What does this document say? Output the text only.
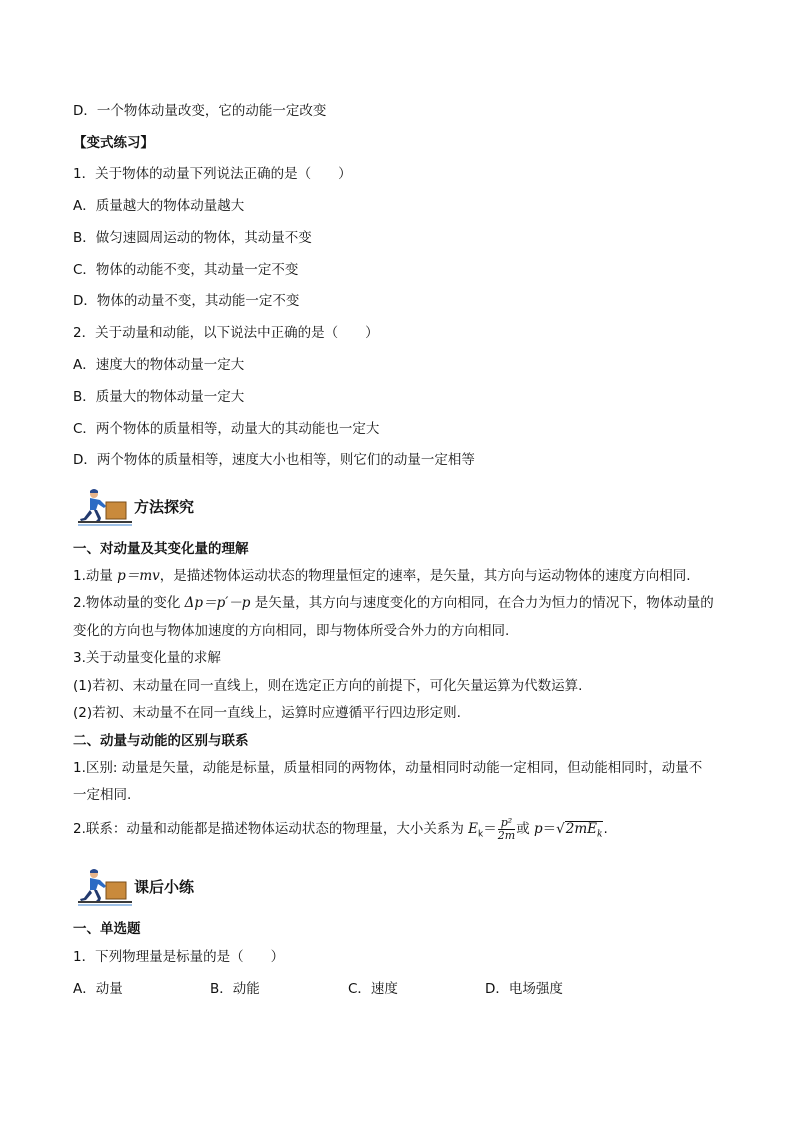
D．一个物体动量改变，它的动能一定改变
【变式练习】
1．关于物体的动量下列说法正确的是（　　）
A．质量越大的物体动量越大
B．做匀速圆周运动的物体，其动量不变
C．物体的动能不变，其动量一定不变
D．物体的动量不变，其动能一定不变
2．关于动量和动能，以下说法中正确的是（　　）
A．速度大的物体动量一定大
B．质量大的物体动量一定大
C．两个物体的质量相等，动量大的其动能也一定大
D．两个物体的质量相等，速度大小也相等，则它们的动量一定相等
方法探究
一、对动量及其变化量的理解
1.动量 p＝mv，是描述物体运动状态的物理量恒定的速率，是矢量，其方向与运动物体的速度方向相同.
2.物体动量的变化 Δp＝p′－p 是矢量，其方向与速度变化的方向相同，在合力为恒力的情况下，物体动量的
变化的方向也与物体加速度的方向相同，即与物体所受合外力的方向相同.
3.关于动量变化量的求解
(1)若初、末动量在同一直线上，则在选定正方向的前提下，可化矢量运算为代数运算.
(2)若初、末动量不在同一直线上，运算时应遵循平行四边形定则.
二、动量与动能的区别与联系
1.区别: 动量是矢量，动能是标量，质量相同的两物体，动量相同时动能一定相同，但动能相同时，动量不
一定相同.
2.联系：动量和动能都是描述物体运动状态的物理量，大小关系为 $E_k= \frac{\text{p²}}{2m}$ 或 $p=√2mE_k$.
课后小练
一、单选题
1．下列物理量是标量的是（　　）
A．动量	B．动能	C．速度	D．电场强度
